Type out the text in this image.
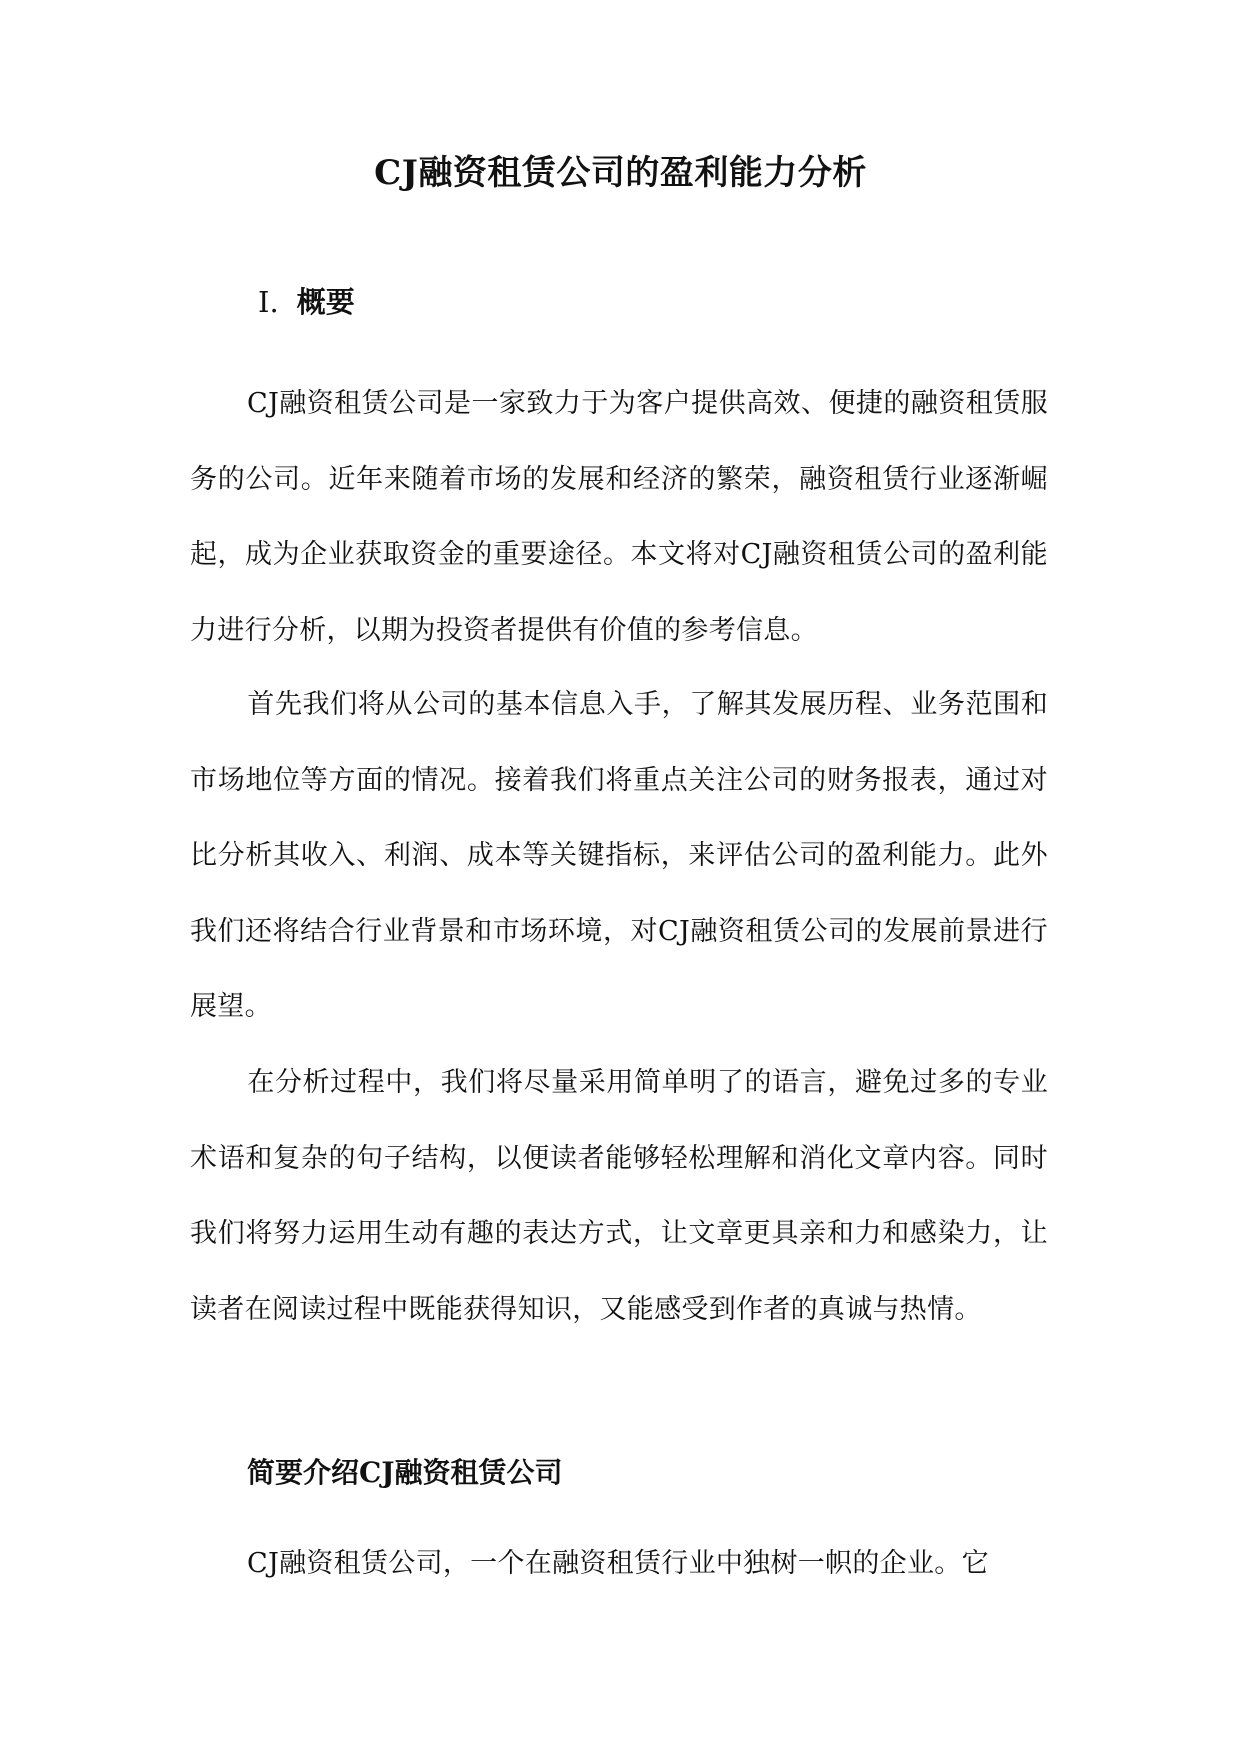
CJ融资租赁公司的盈利能力分析
I. 概要

CJ融资租赁公司是一家致力于为客户提供高效、便捷的融资租赁服务的公司。近年来随着市场的发展和经济的繁荣，融资租赁行业逐渐崛起，成为企业获取资金的重要途径。本文将对CJ融资租赁公司的盈利能力进行分析，以期为投资者提供有价值的参考信息。

首先我们将从公司的基本信息入手，了解其发展历程、业务范围和市场地位等方面的情况。接着我们将重点关注公司的财务报表，通过对比分析其收入、利润、成本等关键指标，来评估公司的盈利能力。此外我们还将结合行业背景和市场环境，对CJ融资租赁公司的发展前景进行展望。

在分析过程中，我们将尽量采用简单明了的语言，避免过多的专业术语和复杂的句子结构，以便读者能够轻松理解和消化文章内容。同时我们将努力运用生动有趣的表达方式，让文章更具亲和力和感染力，让读者在阅读过程中既能获得知识，又能感受到作者的真诚与热情。

简要介绍CJ融资租赁公司

CJ融资租赁公司，一个在融资租赁行业中独树一帜的企业。它
